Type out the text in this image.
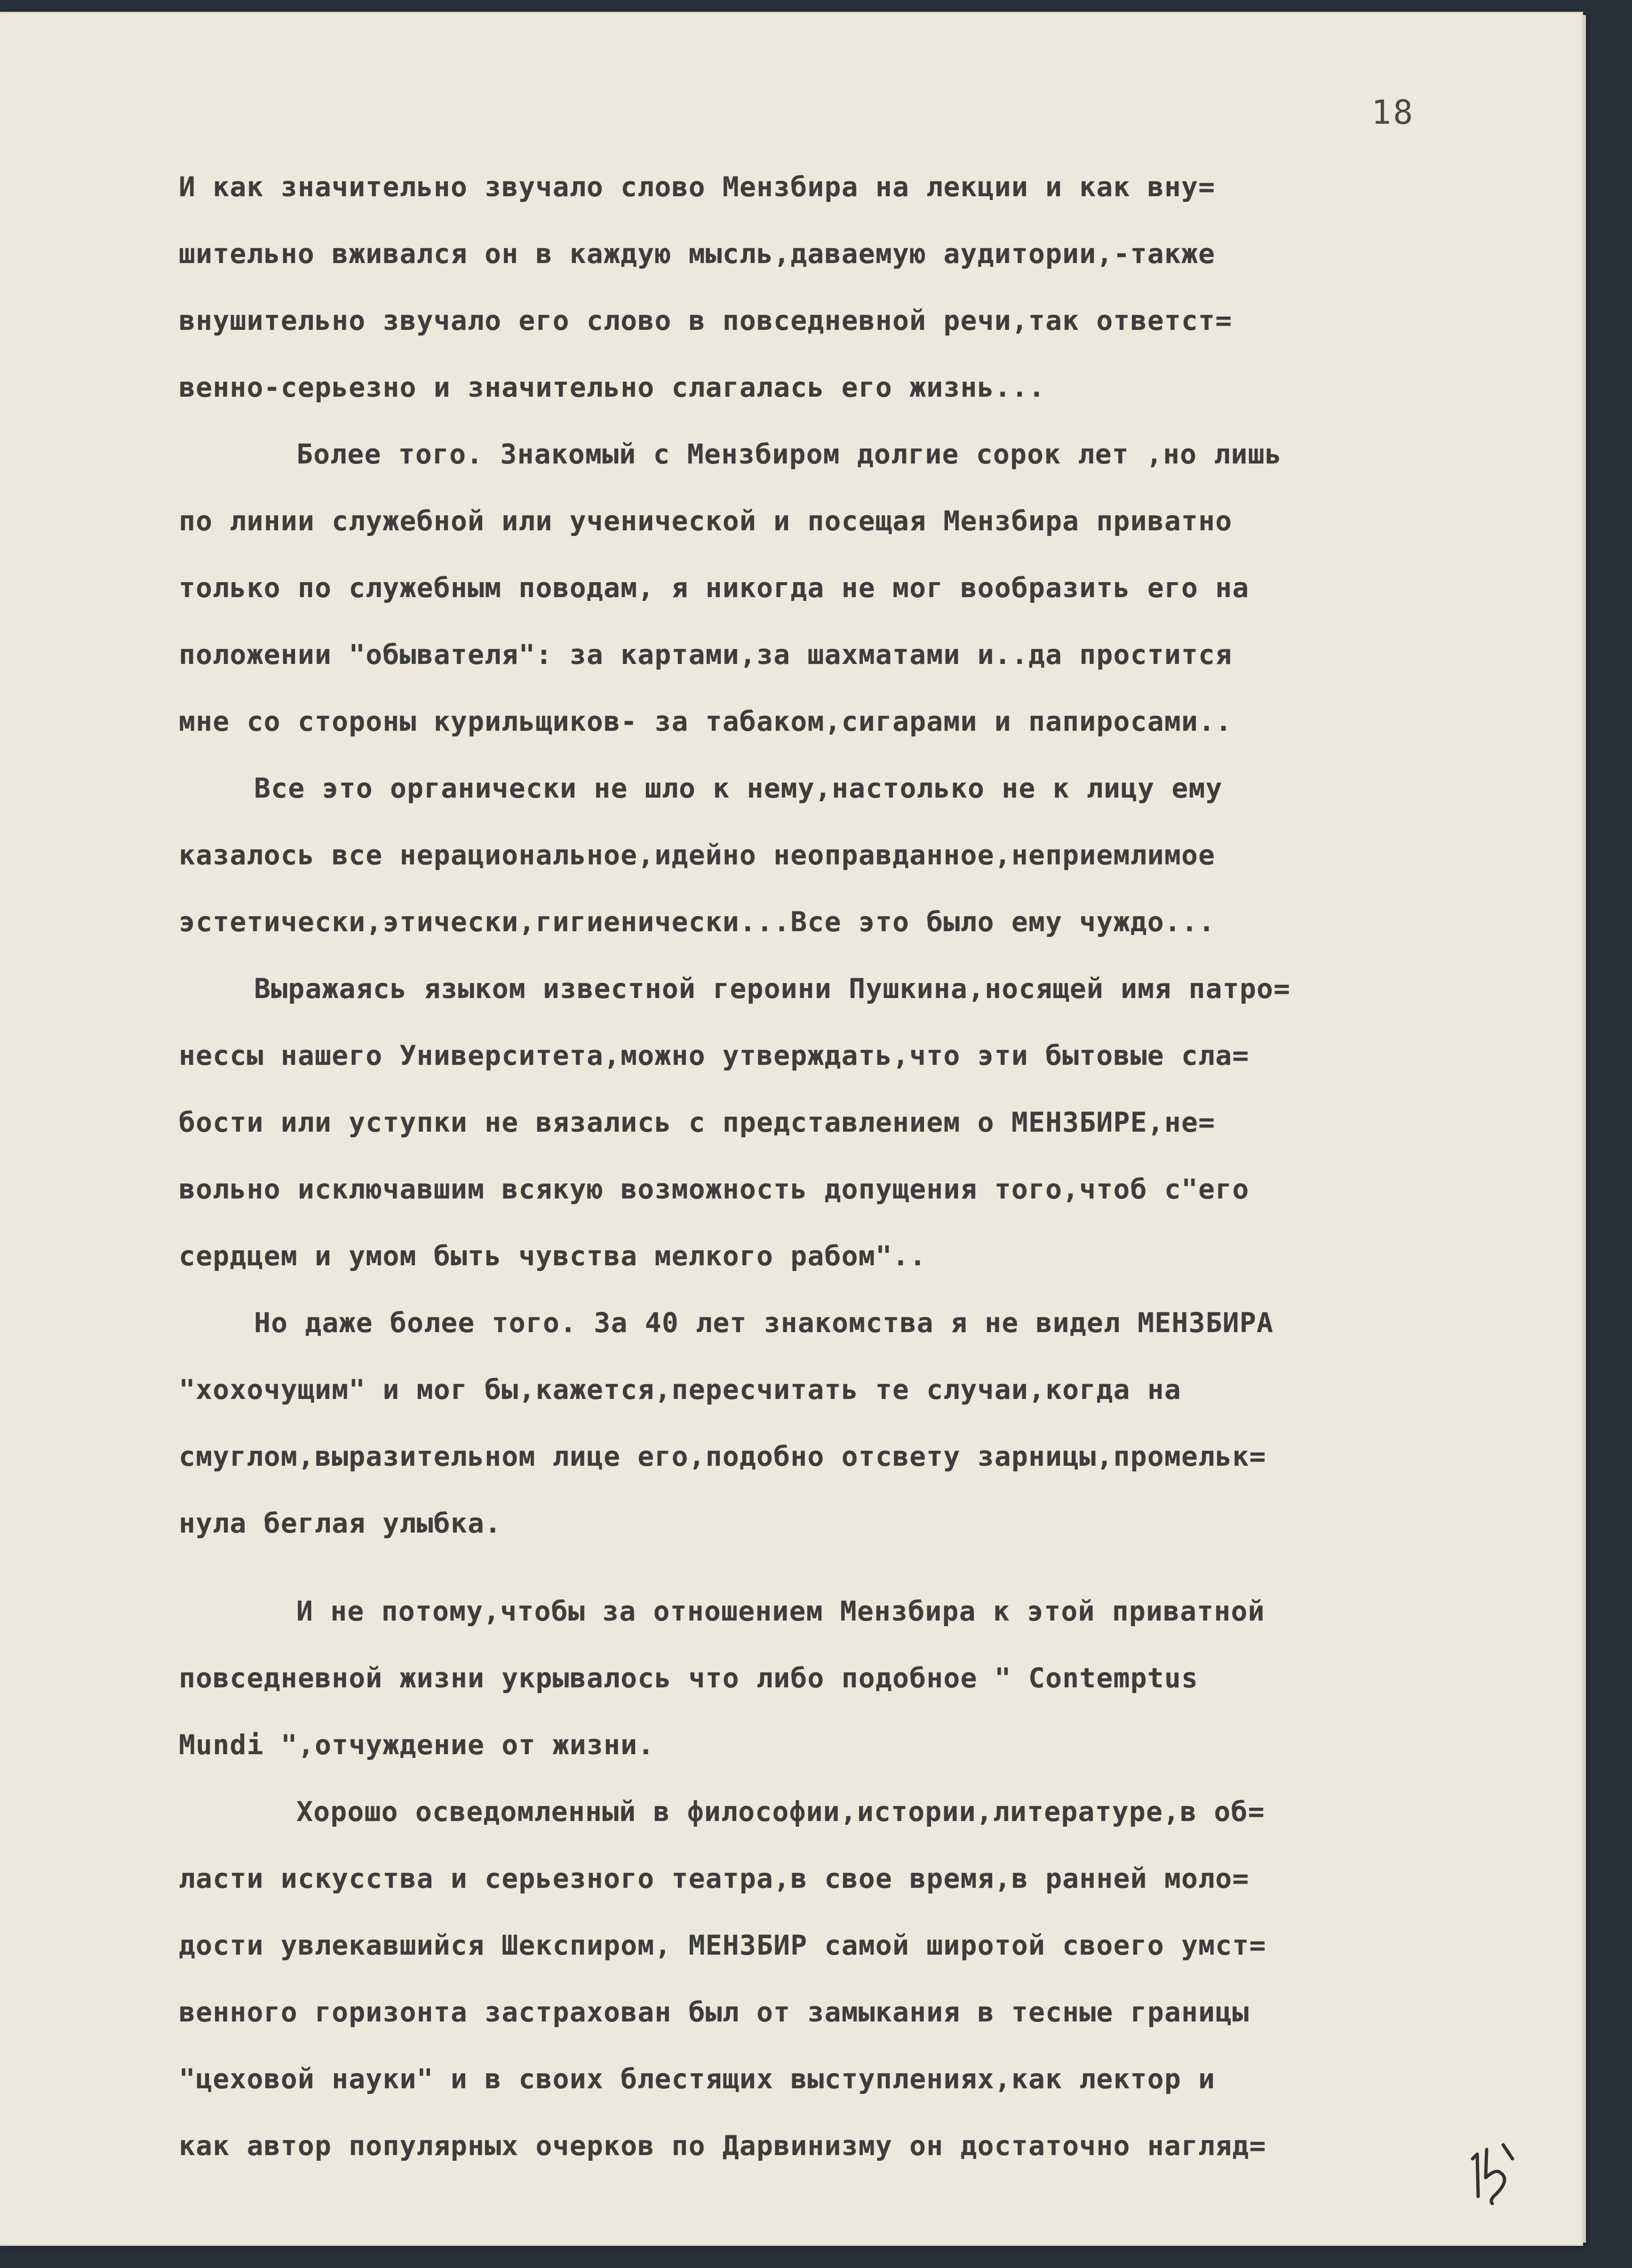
18
И как значительно звучало слово Мензбира на лекции и как вну=
шительно вживался он в каждую мысль,даваемую аудитории,-также
внушительно звучало его слово в повседневной речи,так ответст=
венно-серьезно и значительно слагалась его жизнь...
Более того. Знакомый с Мензбиром долгие сорок лет ,но лишь
по линии служебной или ученической и посещая Мензбира приватно
только по служебным поводам, я никогда не мог вообразить его на
положении "обывателя": за картами,за шахматами и..да простится
мне со стороны курильщиков- за табаком,сигарами и папиросами..
Все это органически не шло к нему,настолько не к лицу ему
казалось все нерациональное,идейно неоправданное,неприемлимое
эстетически,этически,гигиенически...Все это было ему чуждо...
Выражаясь языком известной героини Пушкина,носящей имя патро=
нессы нашего Университета,можно утверждать,что эти бытовые сла=
бости или уступки не вязались с представлением о МЕНЗБИРЕ,не=
вольно исключавшим всякую возможность допущения того,чтоб с"его
сердцем и умом быть чувства мелкого рабом"..
Но даже более того. За 40 лет знакомства я не видел МЕНЗБИРА
"хохочущим" и мог бы,кажется,пересчитать те случаи,когда на
смуглом,выразительном лице его,подобно отсвету зарницы,промельк=
нула беглая улыбка.
И не потому,чтобы за отношением Мензбира к этой приватной
повседневной жизни укрывалось что либо подобное " Contemptus
Mundi ",отчуждение от жизни.
Хорошо осведомленный в философии,истории,литературе,в об=
ласти искусства и серьезного театра,в свое время,в ранней моло=
дости увлекавшийся Шекспиром, МЕНЗБИР самой широтой своего умст=
венного горизонта застрахован был от замыкания в тесные границы
"цеховой науки" и в своих блестящих выступлениях,как лектор и
как автор популярных очерков по Дарвинизму он достаточно нагляд=
